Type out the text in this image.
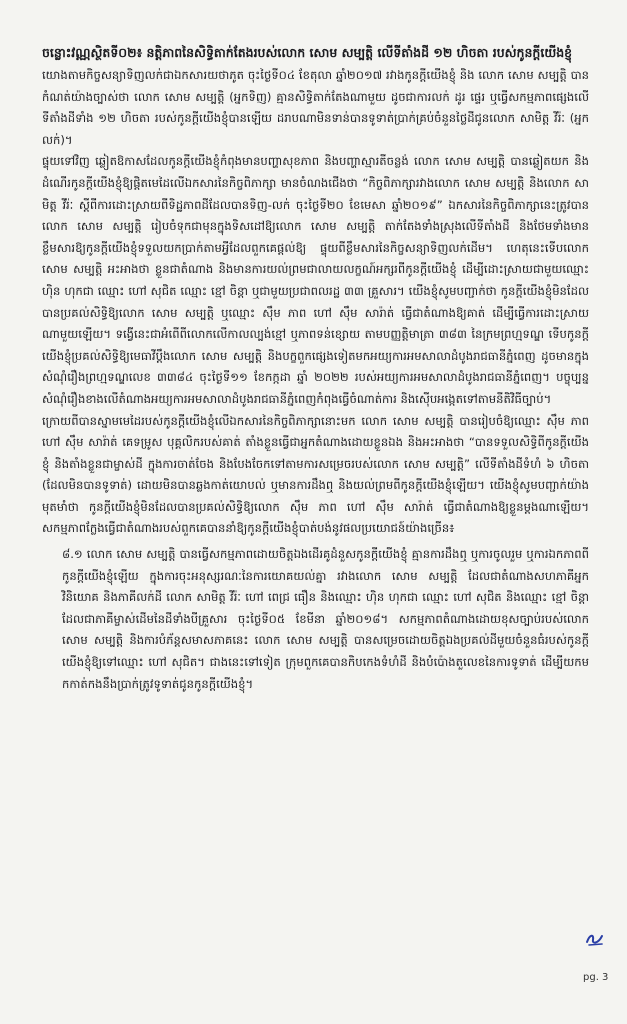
ចន្លោះវណ្ណស្ថិតទី០២៖ នត្តិភាពនៃសិទ្ធិតាក់តែងរបស់លោក សោម សម្បត្តិ លើទីតាំងដី ១២ ហិចតា របស់កូនក្តីយើងខ្ញុំ

យោងតាមកិច្ចសន្យាទិញលក់ជាឯកសារយថាភូត ចុះថ្ងៃទី០៤ ខែតុលា ឆ្នាំ២០១៧ រវាងកូនក្តីយើងខ្ញុំ និង លោក សោម សម្បត្តិ បានកំណត់យ៉ាងច្បាស់ថា លោក សោម សម្បត្តិ (អ្នកទិញ) គ្មានសិទ្ធិតាក់តែងណាមួយ ដូចជាការលក់ ដូរ ផ្ទេរ ឬធ្វើសកម្មភាពផ្សេងលើទីតាំងដីទាំង ១២ ហិចតា របស់កូនក្តីយើងខ្ញុំបានឡើយ ដរាបណាមិនទាន់បានទូទាត់ប្រាក់គ្រប់ចំនួនថ្លៃដីជូនលោក សាមិត្ត វីរ៉ៈ (អ្នកលក់)។

ផ្ទុយទៅវិញ ឆ្លៀតឱកាសដែលកូនក្តីយើងខ្ញុំកំពុងមានបញ្ហាសុខភាព និងបញ្ហាស្មារតីចន្លង់ លោក សោម សម្បត្តិ បានឆ្លៀតយក និងដំណើរកូនក្តីយើងខ្ញុំឱ្យផ្តិតមេដៃលើឯកសារនៃកិច្ចពិភាក្សា មានចំណងជើងថា “កិច្ចពិភាក្សារវាងលោក សោម សម្បត្តិ និងលោក សាមិត្ត វីរ៉ៈ ស្តីពីការដោះស្រាយពីទិដ្ឋភាពដីដែលបានទិញ-លក់ ចុះថ្ងៃទី២០ ខែមេសា ឆ្នាំ២០១៩” ឯកសារនៃកិច្ចពិភាក្សានេះត្រូវបានលោក សោម សម្បត្តិ រៀបចំទុកជាមុនក្នុងទិសដៅឱ្យលោក សោម សម្បត្តិ តាក់តែងទាំងស្រុងលើទីតាំងដី និងថែមទាំងមានខ្លឹមសារឱ្យកូនក្តីយើងខ្ញុំទទួលយកប្រាក់តាមអ្វីដែលពួកគេផ្តល់ឱ្យ ផ្ទុយពីខ្លឹមសារនៃកិច្ចសន្យាទិញលក់ដើម។ ហេតុនេះទើបលោក សោម សម្បត្តិ អះអាងថា ខ្លួនជាតំណាង និងមានការយល់ព្រមជាលាយលក្ខណ៍អក្សរពីកូនក្តីយើងខ្ញុំ ដើម្បីដោះស្រាយជាមួយឈ្មោះ ហ៊ិន ហុកជា ឈ្មោះ ហៅ សុជិត ឈ្មោះ ខ្មៅ ចិន្តា ឬជាមួយប្រជាពលរដ្ឋ ៣៣ គ្រួសារ។ យើងខ្ញុំសូមបញ្ជាក់ថា កូនក្តីយើងខ្ញុំមិនដែលបានប្រគល់សិទ្ធិឱ្យលោក សោម សម្បត្តិ ឬឈ្មោះ ស៊ឹម ភាព ហៅ ស៊ឹម សារ៉ាត់ ធ្វើជាតំណាងឱ្យគាត់ ដើម្បីធ្វើការដោះស្រាយណាមួយឡើយ។ ទង្វើនេះជាអំពើពីលោកលើកាលល្បង់ខ្មៅ ឬភាពទន់ខ្សោយ តាមបញ្ញត្តិមាត្រា ៣៨៣ នៃក្រមព្រហ្មទណ្ឌ ទើបកូនក្តីយើងខ្ញុំប្រគល់សិទ្ធិឱ្យមេធាវីប្តឹងលោក សោម សម្បត្តិ និងបក្ខពួកផ្សេងទៀតមកអយ្យការអមសាលាដំបូងរាជធានីភ្នំពេញ ដូចមានក្នុងសំណុំរឿងព្រហ្មទណ្ឌលេខ ៣៣៨៤ ចុះថ្ងៃទី១១ ខែកក្កដា ឆ្នាំ ២០២២ របស់អយ្យការអមសាលាដំបូងរាជធានីភ្នំពេញ។ បច្ចុប្បន្ន សំណុំរឿងខាងលើតំណាងអយ្យការអមសាលាដំបូងរាជធានីភ្នំពេញកំពុងធ្វើចំណាត់ការ និងស៊ើបអង្កេតទៅតាមនីតិវិធីច្បាប់។

ក្រោយពីបានស្នាមមេដៃរបស់កូនក្តីយើងខ្ញុំលើឯកសារនៃកិច្ចពិភាក្សានោះមក លោក សោម សម្បត្តិ បានរៀបចំឱ្យឈ្មោះ ស៊ឹម ភាព ហៅ ស៊ឹម សារ៉ាត់ គេទម្រូស បុគ្គលិករបស់គាត់ តាំងខ្លួនធ្វើជាអ្នកតំណាងដោយខ្លួនឯង និងអះអាងថា “បានទទួលសិទ្ធិពីកូនក្តីយើងខ្ញុំ និងតាំងខ្លួនជាម្ចាស់ដី ក្នុងការចាត់ចែង និងបែងចែកទៅតាមការសម្រេចរបស់លោក សោម សម្បត្តិ” លើទីតាំងដីទំហំ ៦ ហិចតា (ដែលមិនបានទូទាត់) ដោយមិនបានឆ្លងកាត់យោបល់ ឬមានការដឹងឮ និងយល់ព្រមពីកូនក្តីយើងខ្ញុំឡើយ។ យើងខ្ញុំសូមបញ្ជាក់យ៉ាងមុតមាំថា កូនក្តីយើងខ្ញុំមិនដែលបានប្រគល់សិទ្ធិឱ្យលោក ស៊ឹម ភាព ហៅ ស៊ឹម សារ៉ាត់ ធ្វើជាតំណាងឱ្យខ្លួនម្តងណាឡើយ។ សកម្មភាពក្លែងធ្វើជាតំណាងរបស់ពួកគេបាននាំឱ្យកូនក្តីយើងខ្ញុំបាត់បង់នូវផលប្រយោជន៍យ៉ាងច្រើន៖

៨.១ លោក សោម សម្បត្តិ បានធ្វើសកម្មភាពដោយចិត្តឯងដើរគូដំនួសកូនក្តីយើងខ្ញុំ គ្មានការដឹងឮ ឬការចូលរួម ឬការឯកភាពពីកូនក្តីយើងខ្ញុំឡើយ ក្នុងការចុះអនុស្សរណៈនៃការយោគយល់គ្នា រវាងលោក សោម សម្បត្តិ ដែលជាតំណាងសហភាគីអ្នកវិនិយោគ និងភាគីលក់ដី លោក សាមិត្ត វីរ៉ៈ ហៅ ពេជ្រ ធឿន និងឈ្មោះ ហ៊ិន ហុកជា ឈ្មោះ ហៅ សុជិត និងឈ្មោះ ខ្មៅ ចិន្តា ដែលជាភាគីម្ចាស់ដើមនៃដីទាំងបីគ្រួសារ ចុះថ្ងៃទី០៥ ខែមីនា ឆ្នាំ២០១៨។ សកម្មភាពតំណាងដោយខុសច្បាប់របស់លោក សោម សម្បត្តិ និងការបំភ័ន្តសមាសភាគនេះ លោក សោម សម្បត្តិ បានសម្រេចដោយចិត្តឯងប្រគល់ដីមួយចំនួនធំរបស់កូនក្តីយើងខ្ញុំឱ្យទៅឈ្មោះ ហៅ សុជិត។ ជាងនេះទៅទៀត ក្រុមពួកគេបានកិបកេងទំហំដី និងបំប៉ោងតួលេខនៃការទូទាត់ ដើម្បីយកមកកាត់កងនឹងប្រាក់ត្រូវទូទាត់ជូនកូនក្តីយើងខ្ញុំ។

pg. 3
